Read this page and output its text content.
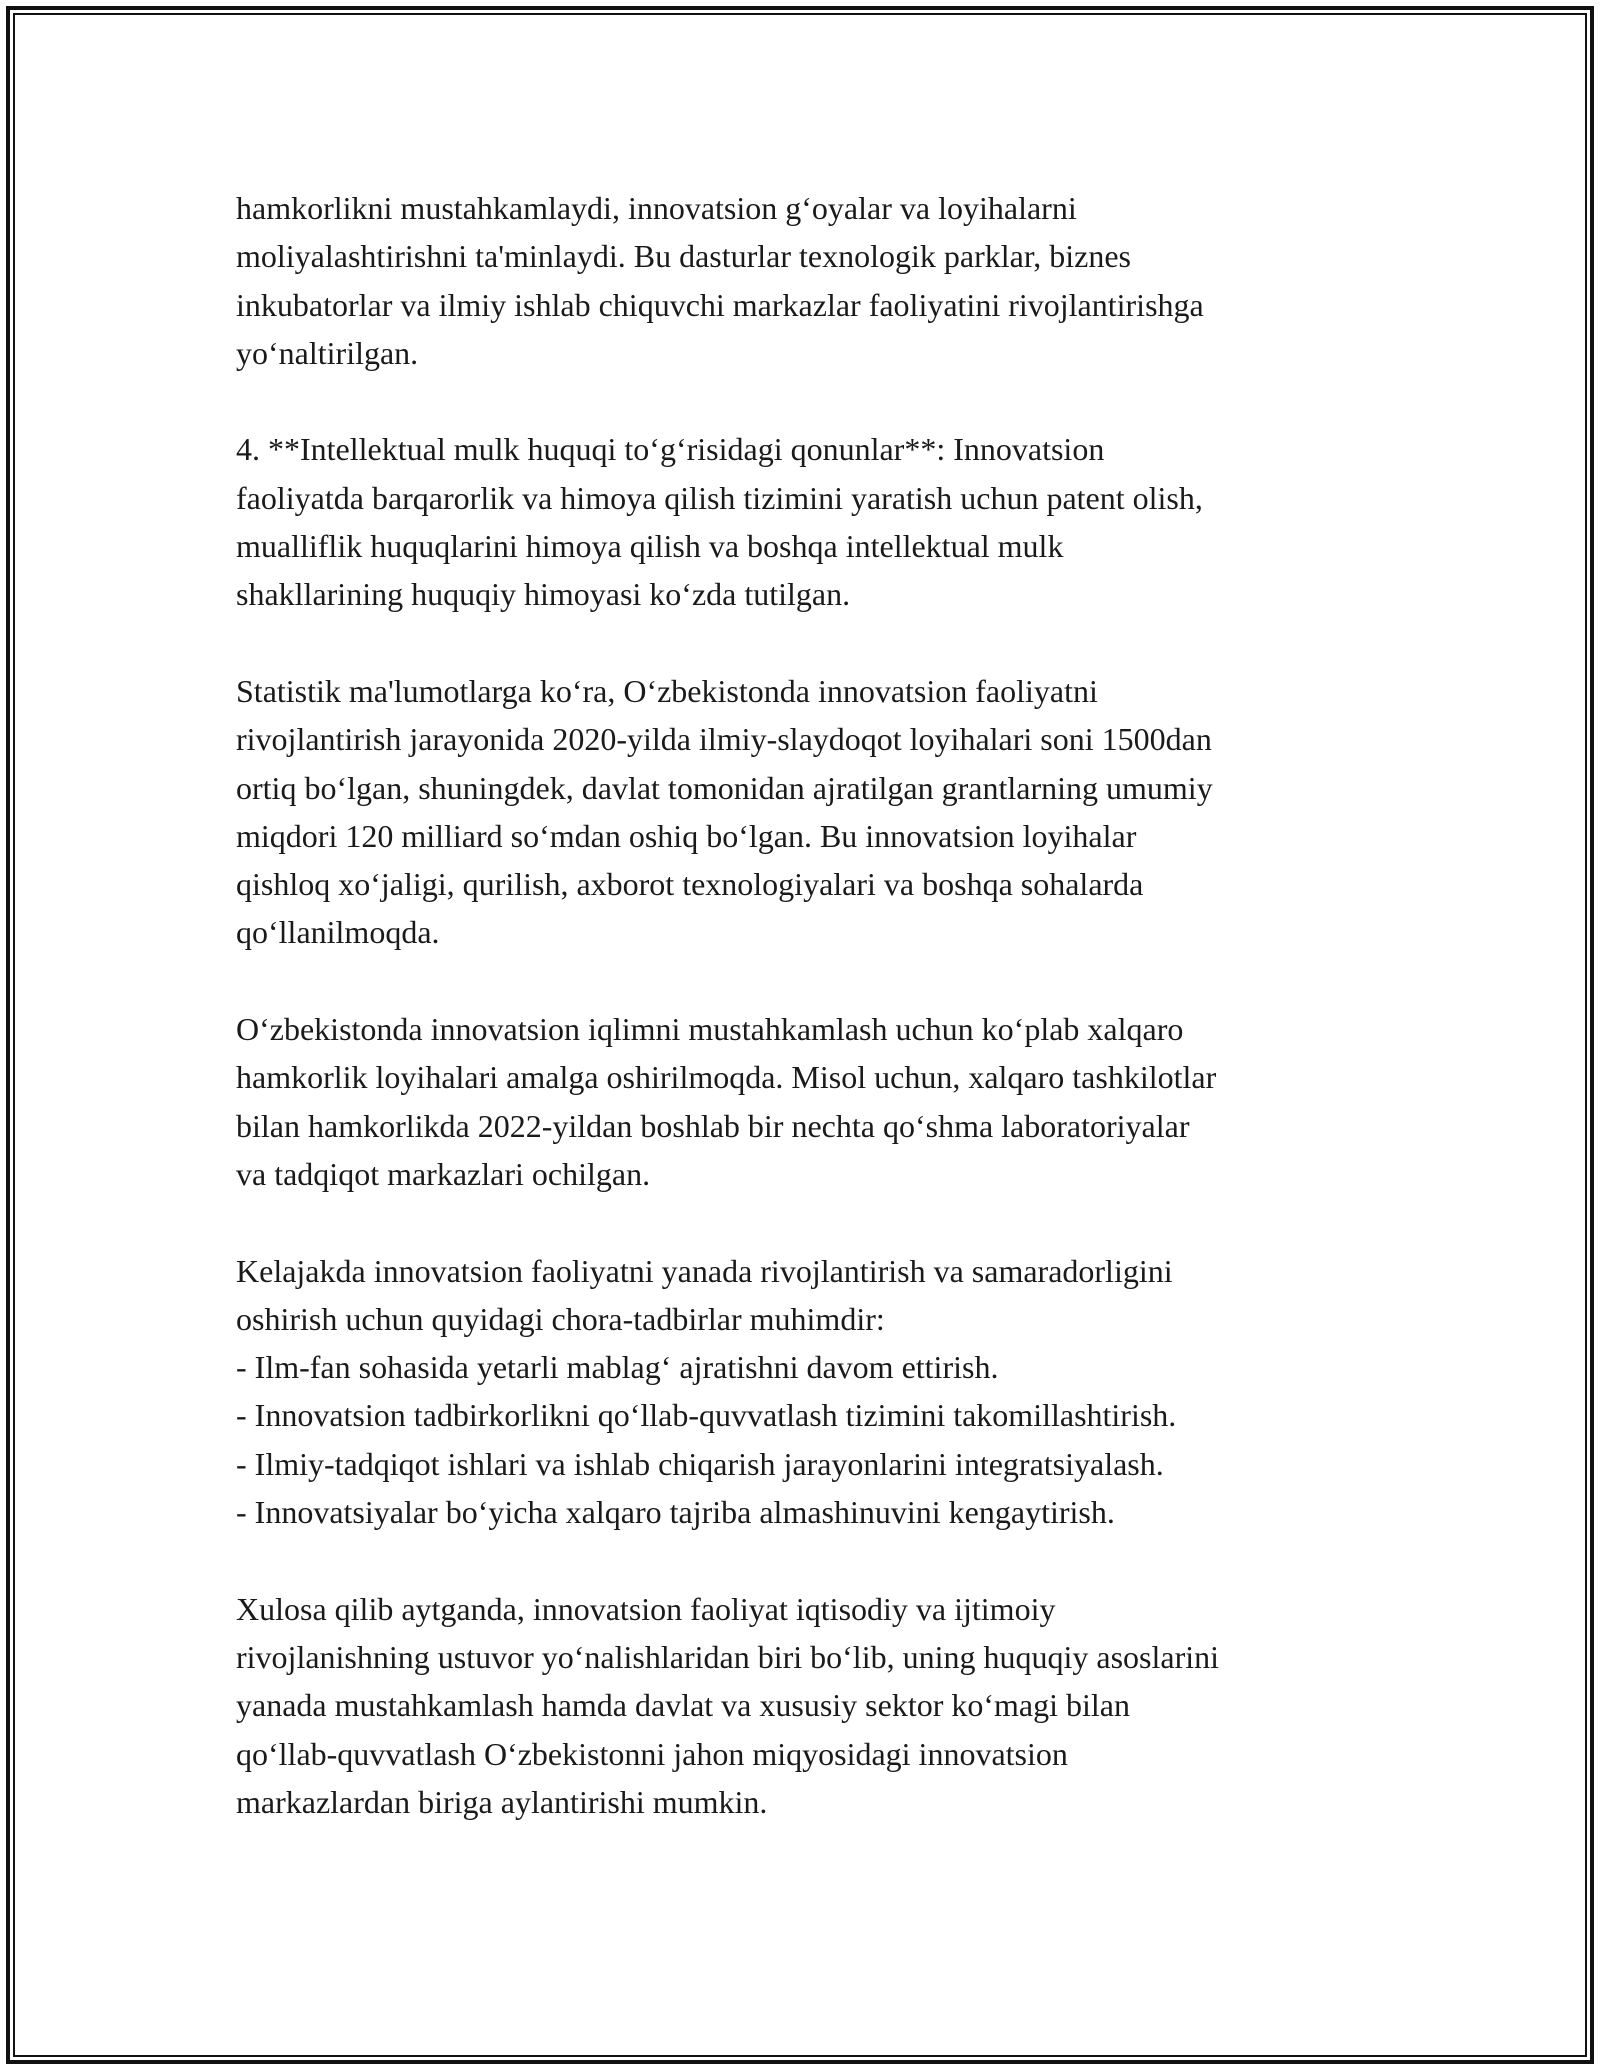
hamkorlikni mustahkamlaydi, innovatsion g‘oyalar va loyihalarni
moliyalashtirishni ta'minlaydi. Bu dasturlar texnologik parklar, biznes
inkubatorlar va ilmiy ishlab chiquvchi markazlar faoliyatini rivojlantirishga
yo‘naltirilgan.

4. **Intellektual mulk huquqi to‘g‘risidagi qonunlar**: Innovatsion
faoliyatda barqarorlik va himoya qilish tizimini yaratish uchun patent olish,
mualliflik huquqlarini himoya qilish va boshqa intellektual mulk
shakllarining huquqiy himoyasi ko‘zda tutilgan.

Statistik ma'lumotlarga ko‘ra, O‘zbekistonda innovatsion faoliyatni
rivojlantirish jarayonida 2020-yilda ilmiy-slaydoqot loyihalari soni 1500dan
ortiq bo‘lgan, shuningdek, davlat tomonidan ajratilgan grantlarning umumiy
miqdori 120 milliard so‘mdan oshiq bo‘lgan. Bu innovatsion loyihalar
qishloq xo‘jaligi, qurilish, axborot texnologiyalari va boshqa sohalarda
qo‘llanilmoqda.

O‘zbekistonda innovatsion iqlimni mustahkamlash uchun ko‘plab xalqaro
hamkorlik loyihalari amalga oshirilmoqda. Misol uchun, xalqaro tashkilotlar
bilan hamkorlikda 2022-yildan boshlab bir nechta qo‘shma laboratoriyalar
va tadqiqot markazlari ochilgan.

Kelajakda innovatsion faoliyatni yanada rivojlantirish va samaradorligini
oshirish uchun quyidagi chora-tadbirlar muhimdir:
- Ilm-fan sohasida yetarli mablag‘ ajratishni davom ettirish.
- Innovatsion tadbirkorlikni qo‘llab-quvvatlash tizimini takomillashtirish.
- Ilmiy-tadqiqot ishlari va ishlab chiqarish jarayonlarini integratsiyalash.
- Innovatsiyalar bo‘yicha xalqaro tajriba almashinuvini kengaytirish.

Xulosa qilib aytganda, innovatsion faoliyat iqtisodiy va ijtimoiy
rivojlanishning ustuvor yo‘nalishlaridan biri bo‘lib, uning huquqiy asoslarini
yanada mustahkamlash hamda davlat va xususiy sektor ko‘magi bilan
qo‘llab-quvvatlash O‘zbekistonni jahon miqyosidagi innovatsion
markazlardan biriga aylantirishi mumkin.
